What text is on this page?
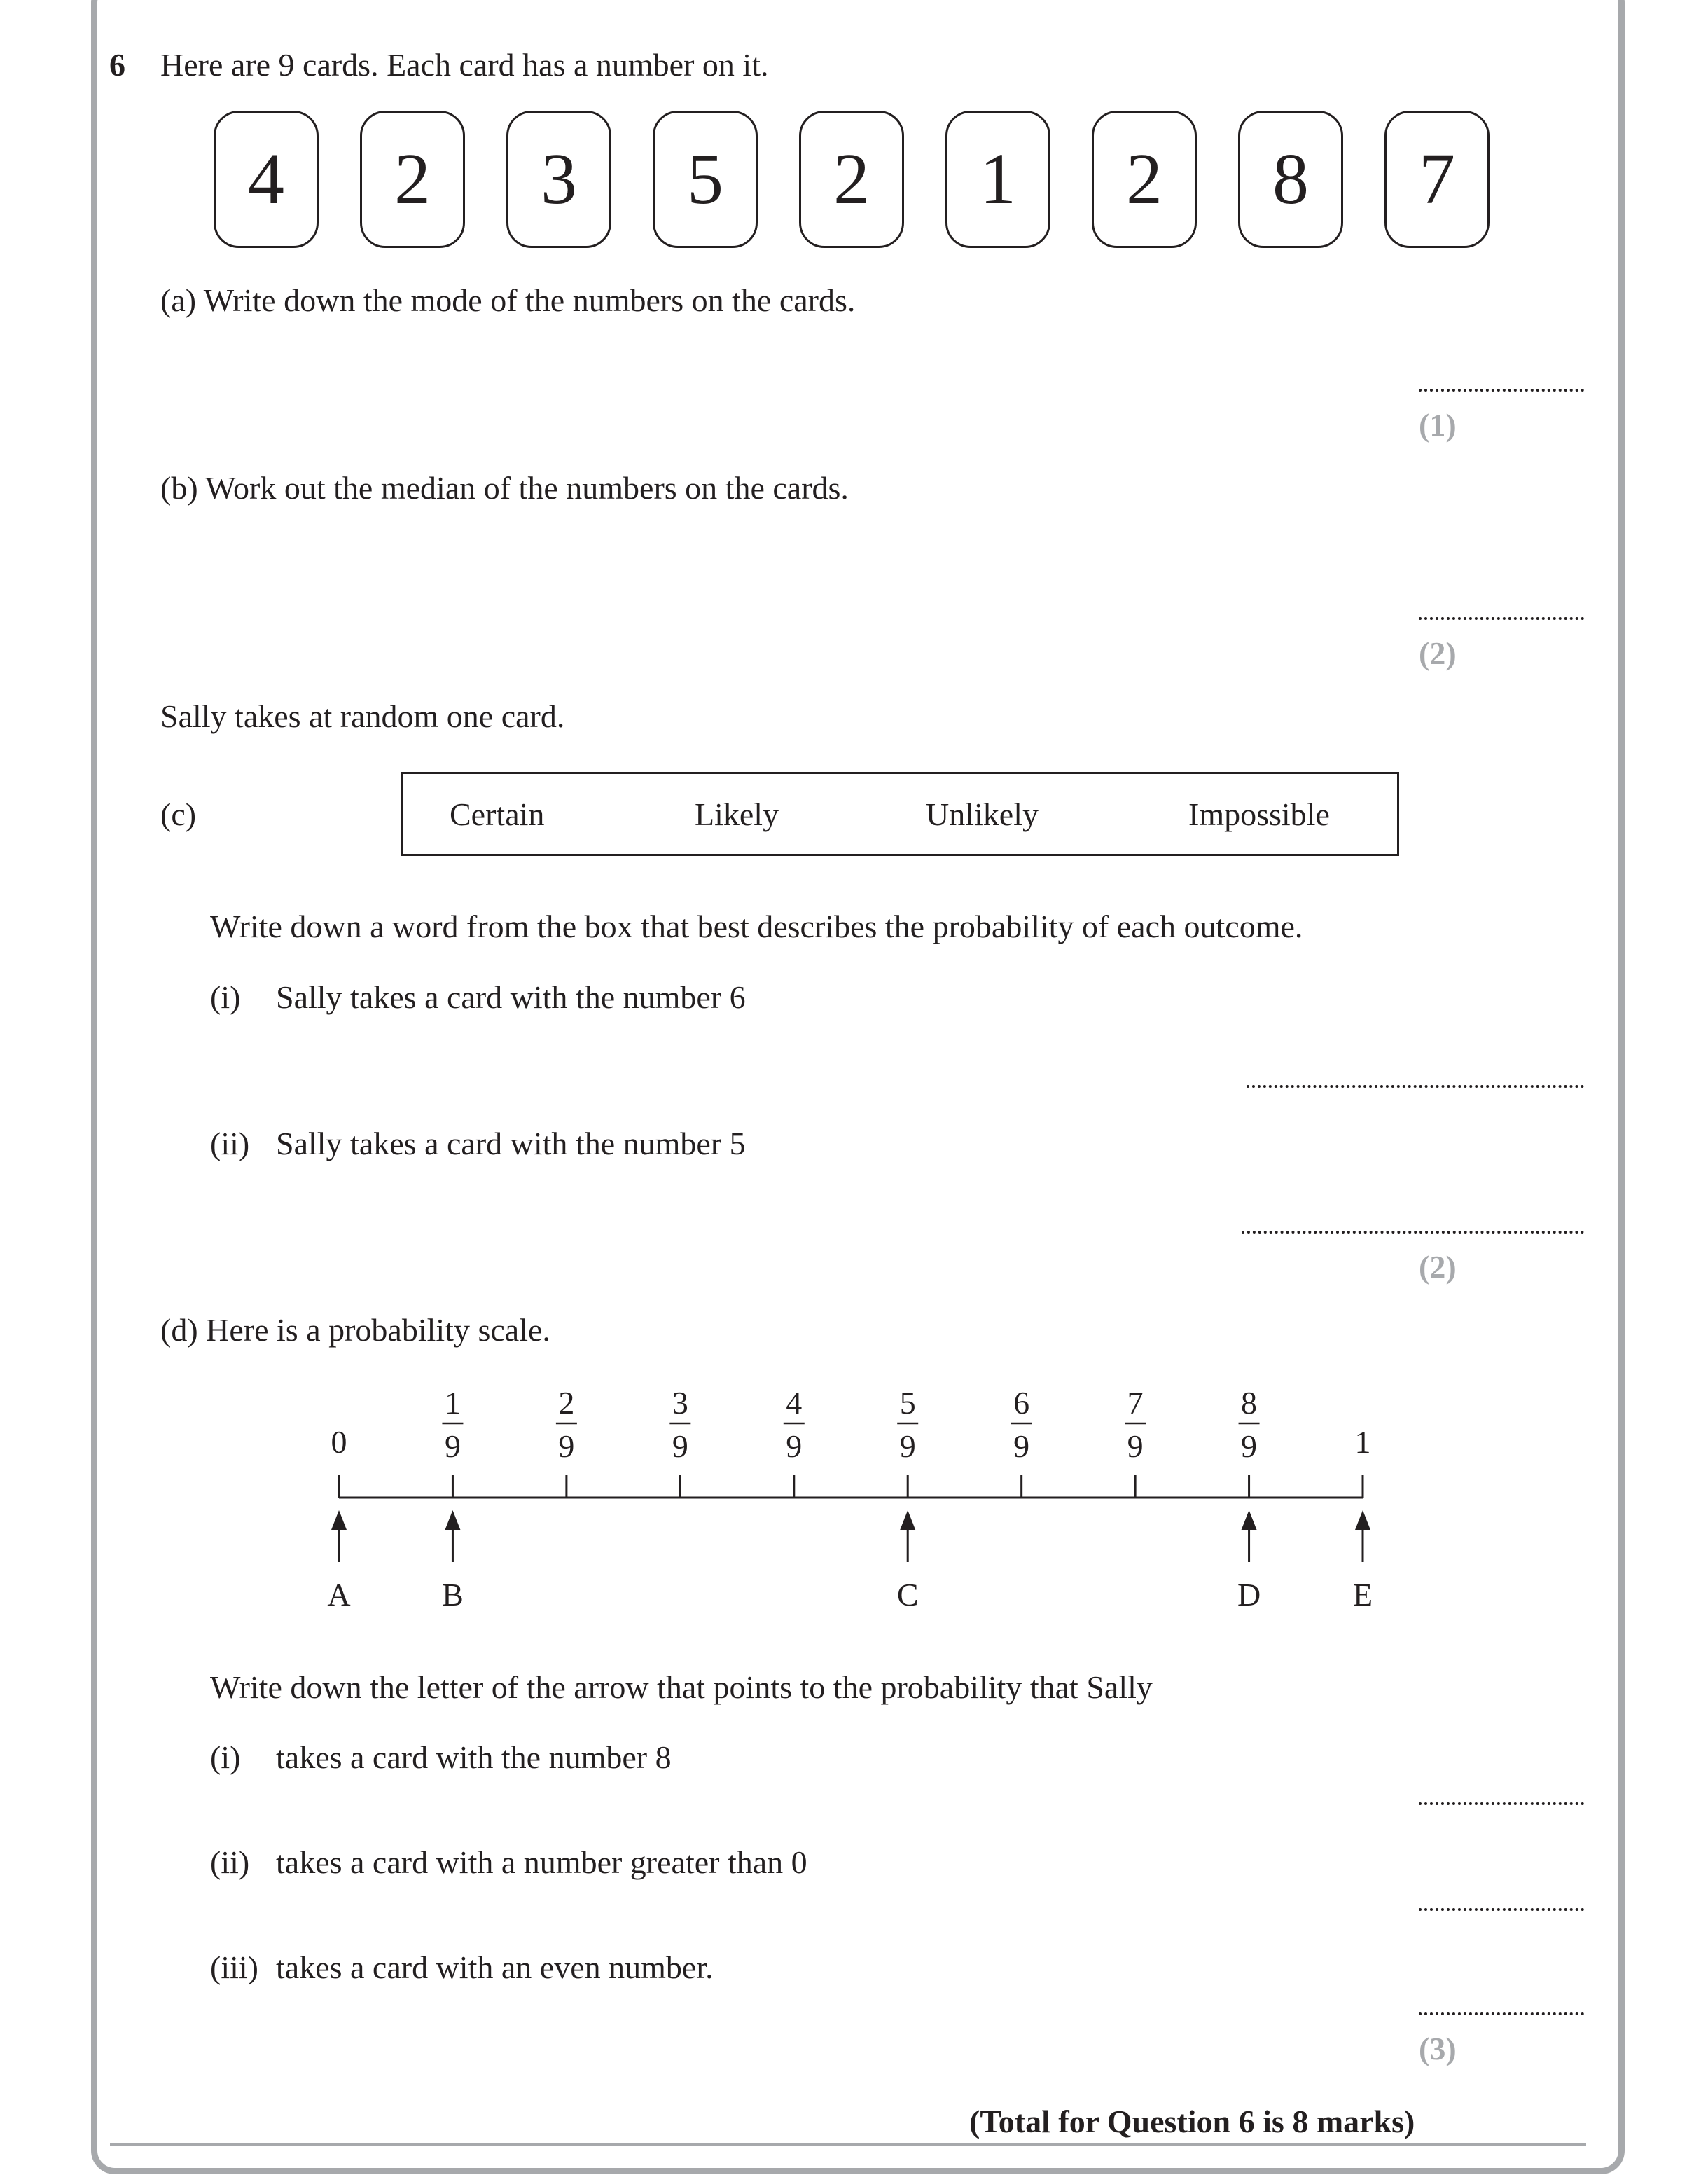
6 Here are 9 cards. Each card has a number on it.
4	2	3	5	2	1	2	8	7
(a) Write down the mode of the numbers on the cards.
(1)
(b) Work out the median of the numbers on the cards.
(2)
Sally takes at random one card.
(c)	Certain	Likely	Unlikely	Impossible
Write down a word from the box that best describes the probability of each outcome.
(i) Sally takes a card with the number 6
(ii) Sally takes a card with the number 5
(2)
(d) Here is a probability scale.
0	1
1
9
2
9
3
9
4
9
5
9
6
9
7
9
8
9
A	B	C	D	E
Write down the letter of the arrow that points to the probability that Sally
(i) takes a card with the number 8
(ii) takes a card with a number greater than 0
(iii) takes a card with an even number.
(3)
(Total for Question 6 is 8 marks)
